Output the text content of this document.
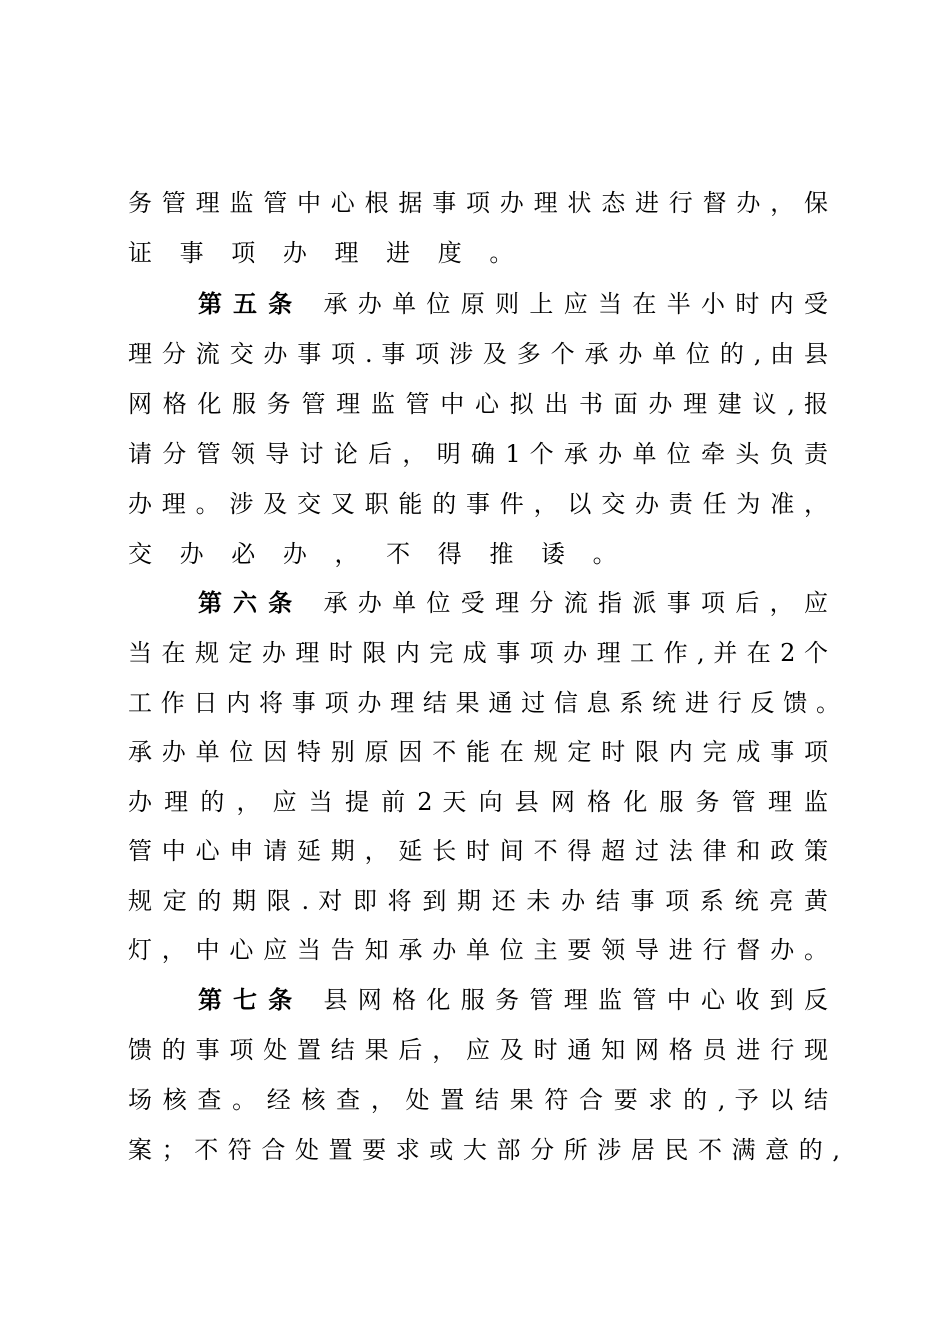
务 管 理 监 管 中 心 根 据 事 项 办 理 状 态 进 行 督 办 ， 保
证 事 项 办 理 进 度 。
第 五 条 承 办 单 位 原 则 上 应 当 在 半 小 时 内 受
理 分 流 交 办 事 项 . 事 项 涉 及 多 个 承 办 单 位 的 , 由 县
网 格 化 服 务 管 理 监 管 中 心 拟 出 书 面 办 理 建 议 , 报
请 分 管 领 导 讨 论 后 ， 明 确 1 个 承 办 单 位 牵 头 负 责
办 理 。 涉 及 交 叉 职 能 的 事 件 ， 以 交 办 责 任 为 准 ，
交 办 必 办 ， 不 得 推 诿 。
第 六 条 承 办 单 位 受 理 分 流 指 派 事 项 后 ， 应
当 在 规 定 办 理 时 限 内 完 成 事 项 办 理 工 作 , 并 在 2 个
工 作 日 内 将 事 项 办 理 结 果 通 过 信 息 系 统 进 行 反 馈 。
承 办 单 位 因 特 别 原 因 不 能 在 规 定 时 限 内 完 成 事 项
办 理 的 ， 应 当 提 前 2 天 向 县 网 格 化 服 务 管 理 监
管 中 心 申 请 延 期 ， 延 长 时 间 不 得 超 过 法 律 和 政 策
规 定 的 期 限 . 对 即 将 到 期 还 未 办 结 事 项 系 统 亮 黄
灯 ， 中 心 应 当 告 知 承 办 单 位 主 要 领 导 进 行 督 办 。
第 七 条 县 网 格 化 服 务 管 理 监 管 中 心 收 到 反
馈 的 事 项 处 置 结 果 后 ， 应 及 时 通 知 网 格 员 进 行 现
场 核 查 。 经 核 查 ， 处 置 结 果 符 合 要 求 的 , 予 以 结
案 ； 不 符 合 处 置 要 求 或 大 部 分 所 涉 居 民 不 满 意 的 ,
